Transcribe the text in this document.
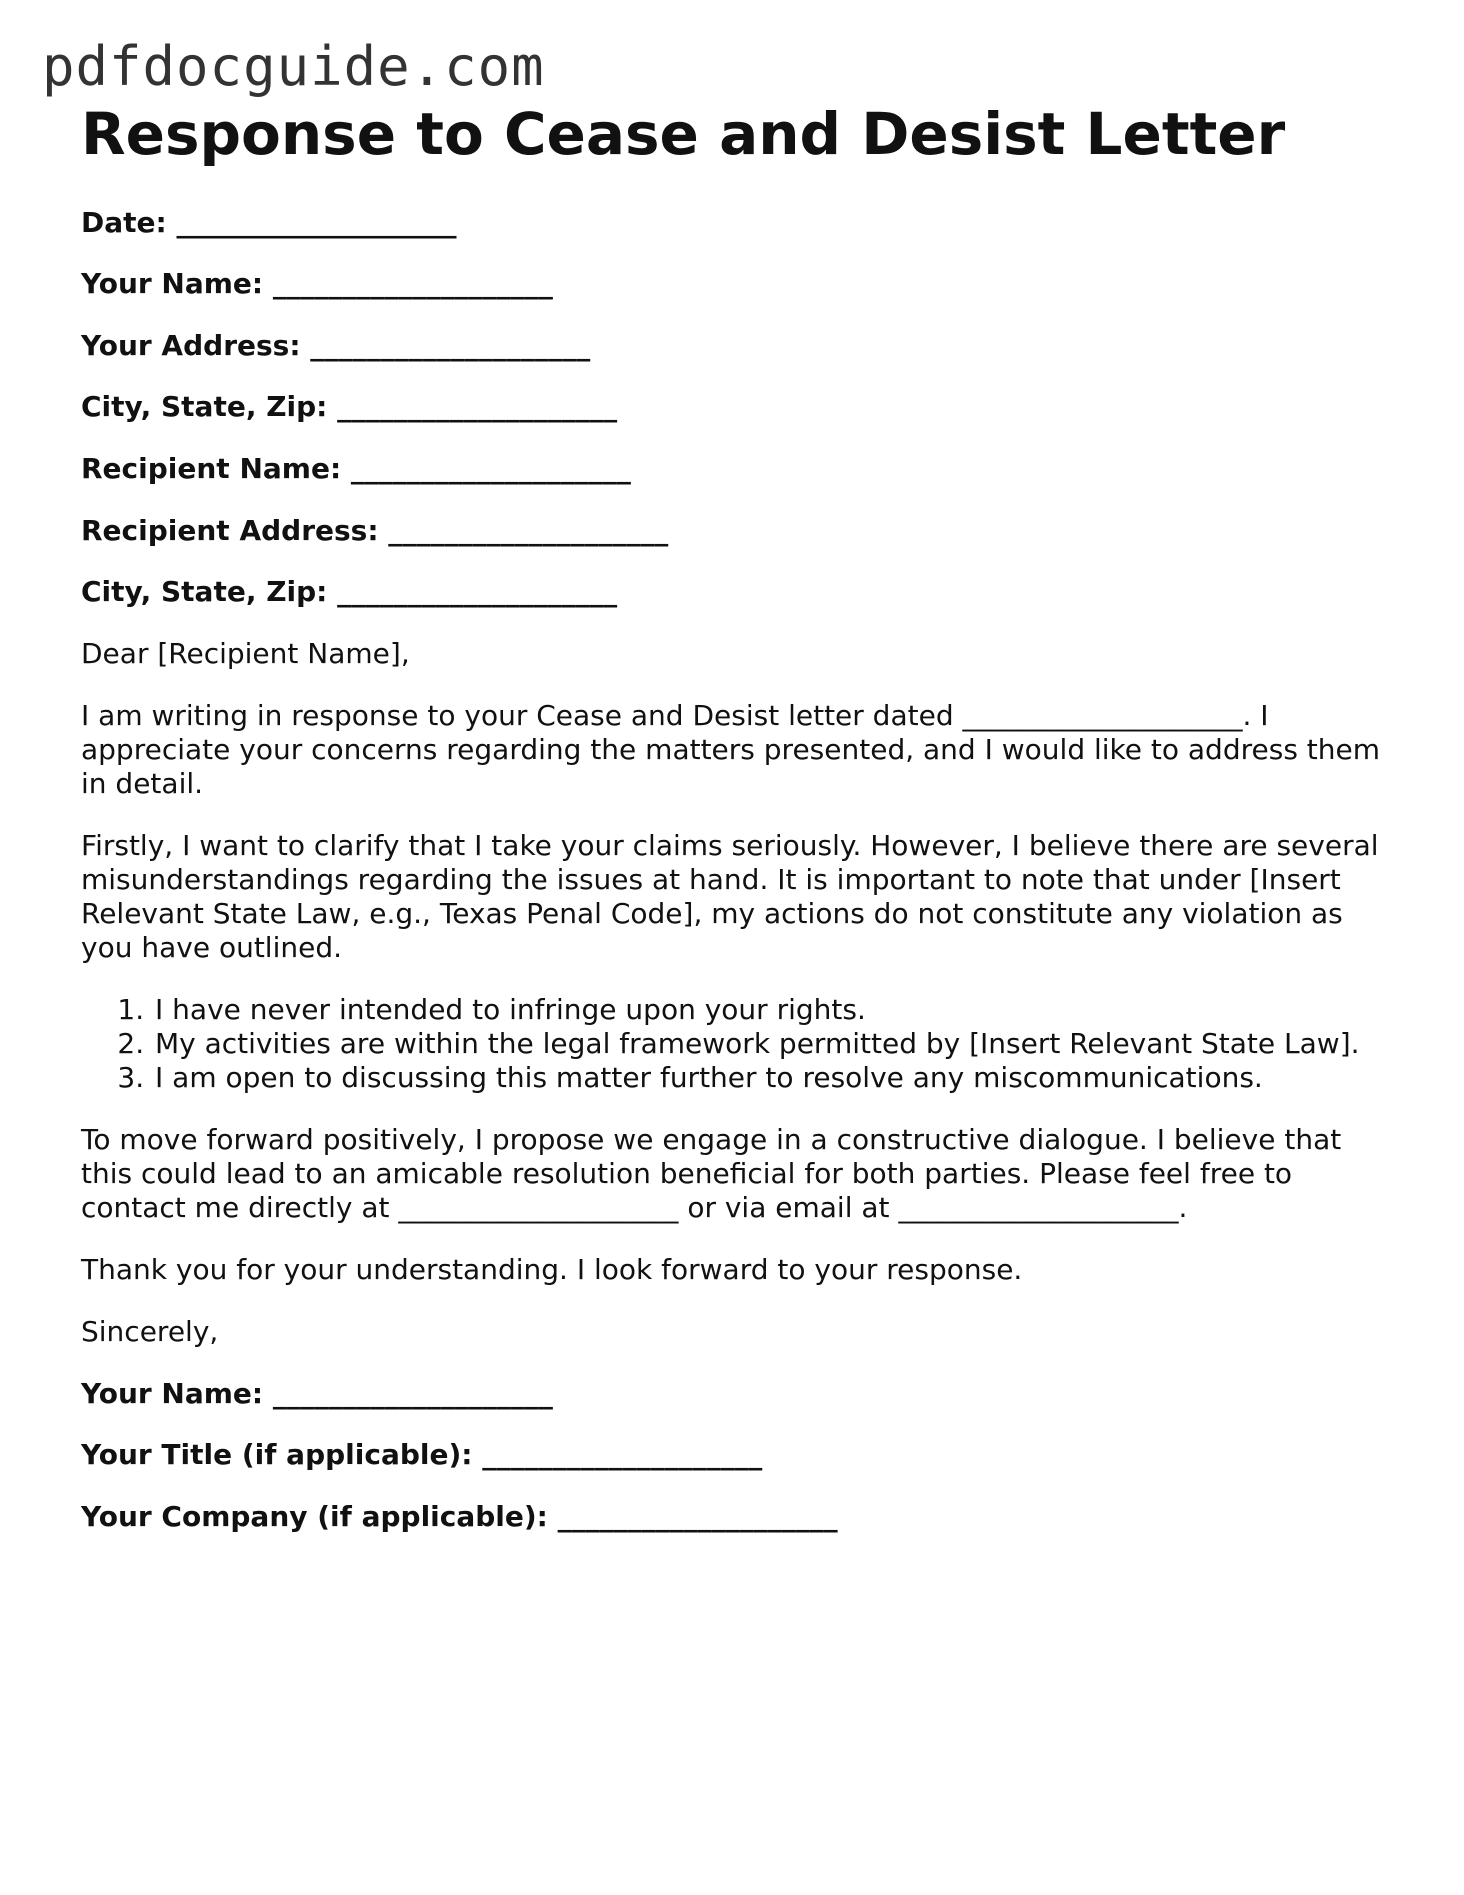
pdfdocguide.com
Response to Cease and Desist Letter
Date: ____________________
Your Name: ____________________
Your Address: ____________________
City, State, Zip: ____________________
Recipient Name: ____________________
Recipient Address: ____________________
City, State, Zip: ____________________

Dear [Recipient Name],

I am writing in response to your Cease and Desist letter dated ____________________. I appreciate your concerns regarding the matters presented, and I would like to address them in detail.

Firstly, I want to clarify that I take your claims seriously. However, I believe there are several misunderstandings regarding the issues at hand. It is important to note that under [Insert Relevant State Law, e.g., Texas Penal Code], my actions do not constitute any violation as you have outlined.

1. I have never intended to infringe upon your rights.
2. My activities are within the legal framework permitted by [Insert Relevant State Law].
3. I am open to discussing this matter further to resolve any miscommunications.

To move forward positively, I propose we engage in a constructive dialogue. I believe that this could lead to an amicable resolution beneficial for both parties. Please feel free to contact me directly at ____________________ or via email at ____________________.

Thank you for your understanding. I look forward to your response.

Sincerely,

Your Name: ____________________
Your Title (if applicable): ____________________
Your Company (if applicable): ____________________
